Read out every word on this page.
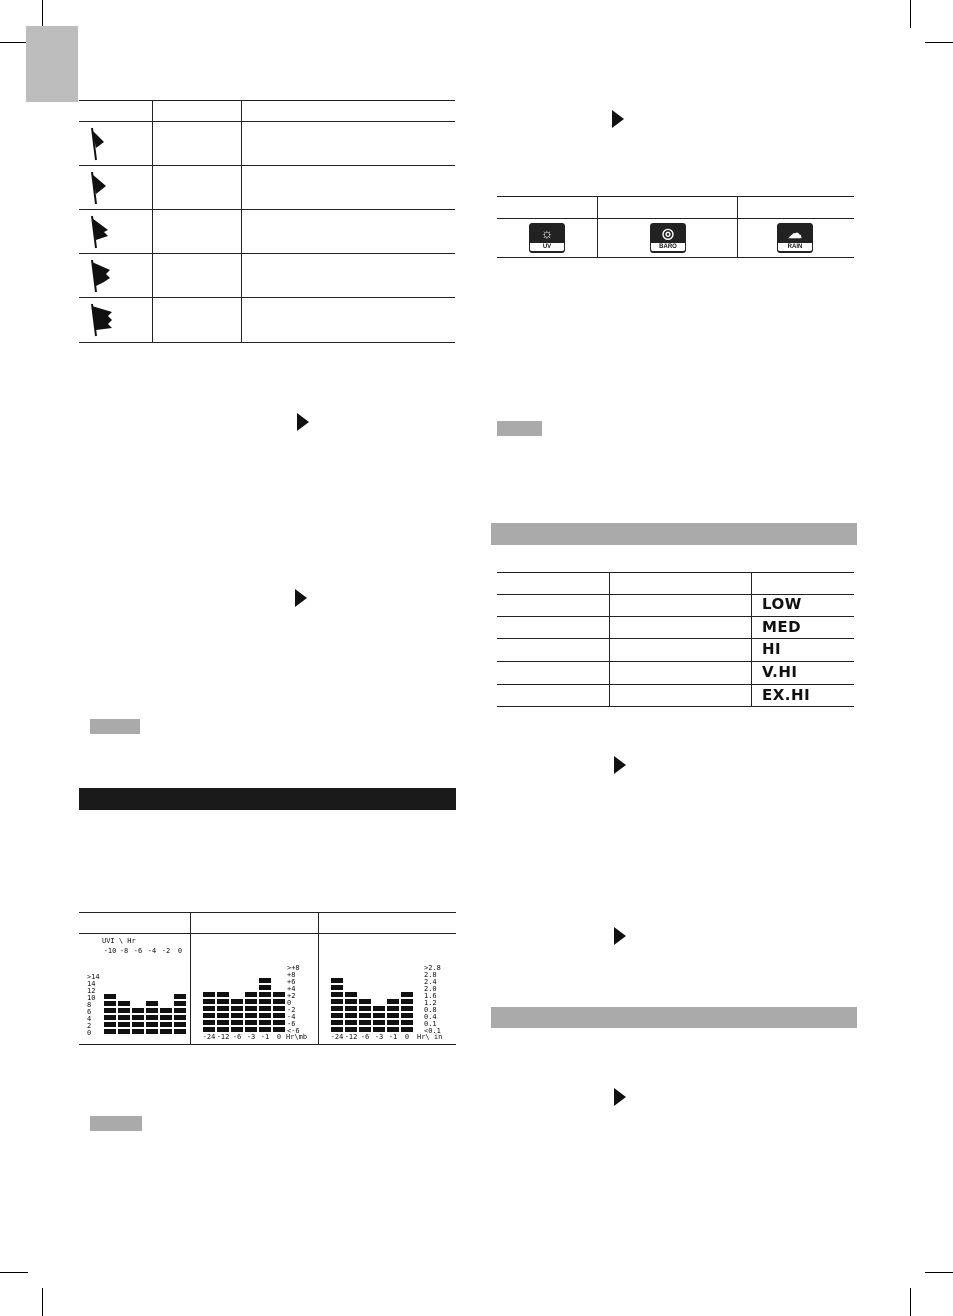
>14
14
12
10
8
6
4
2
0
-10 -8 -6 -4 -2 0
UVI \ Hr
>+8
+8
+6
+4
+2
0
-2
-4
-6
<-6
-24 -12 -6 -3 -1 0 Hr\mb
>2.8
2.8
2.4
2.0
1.6
1.2
0.8
0.4
0.1
<0.1
-24 -12 -6 -3 -1 0 Hr\ in
☼
UV
◎
BARO
☁
RAIN
LOW
MED
HI
V.HI
EX.HI
